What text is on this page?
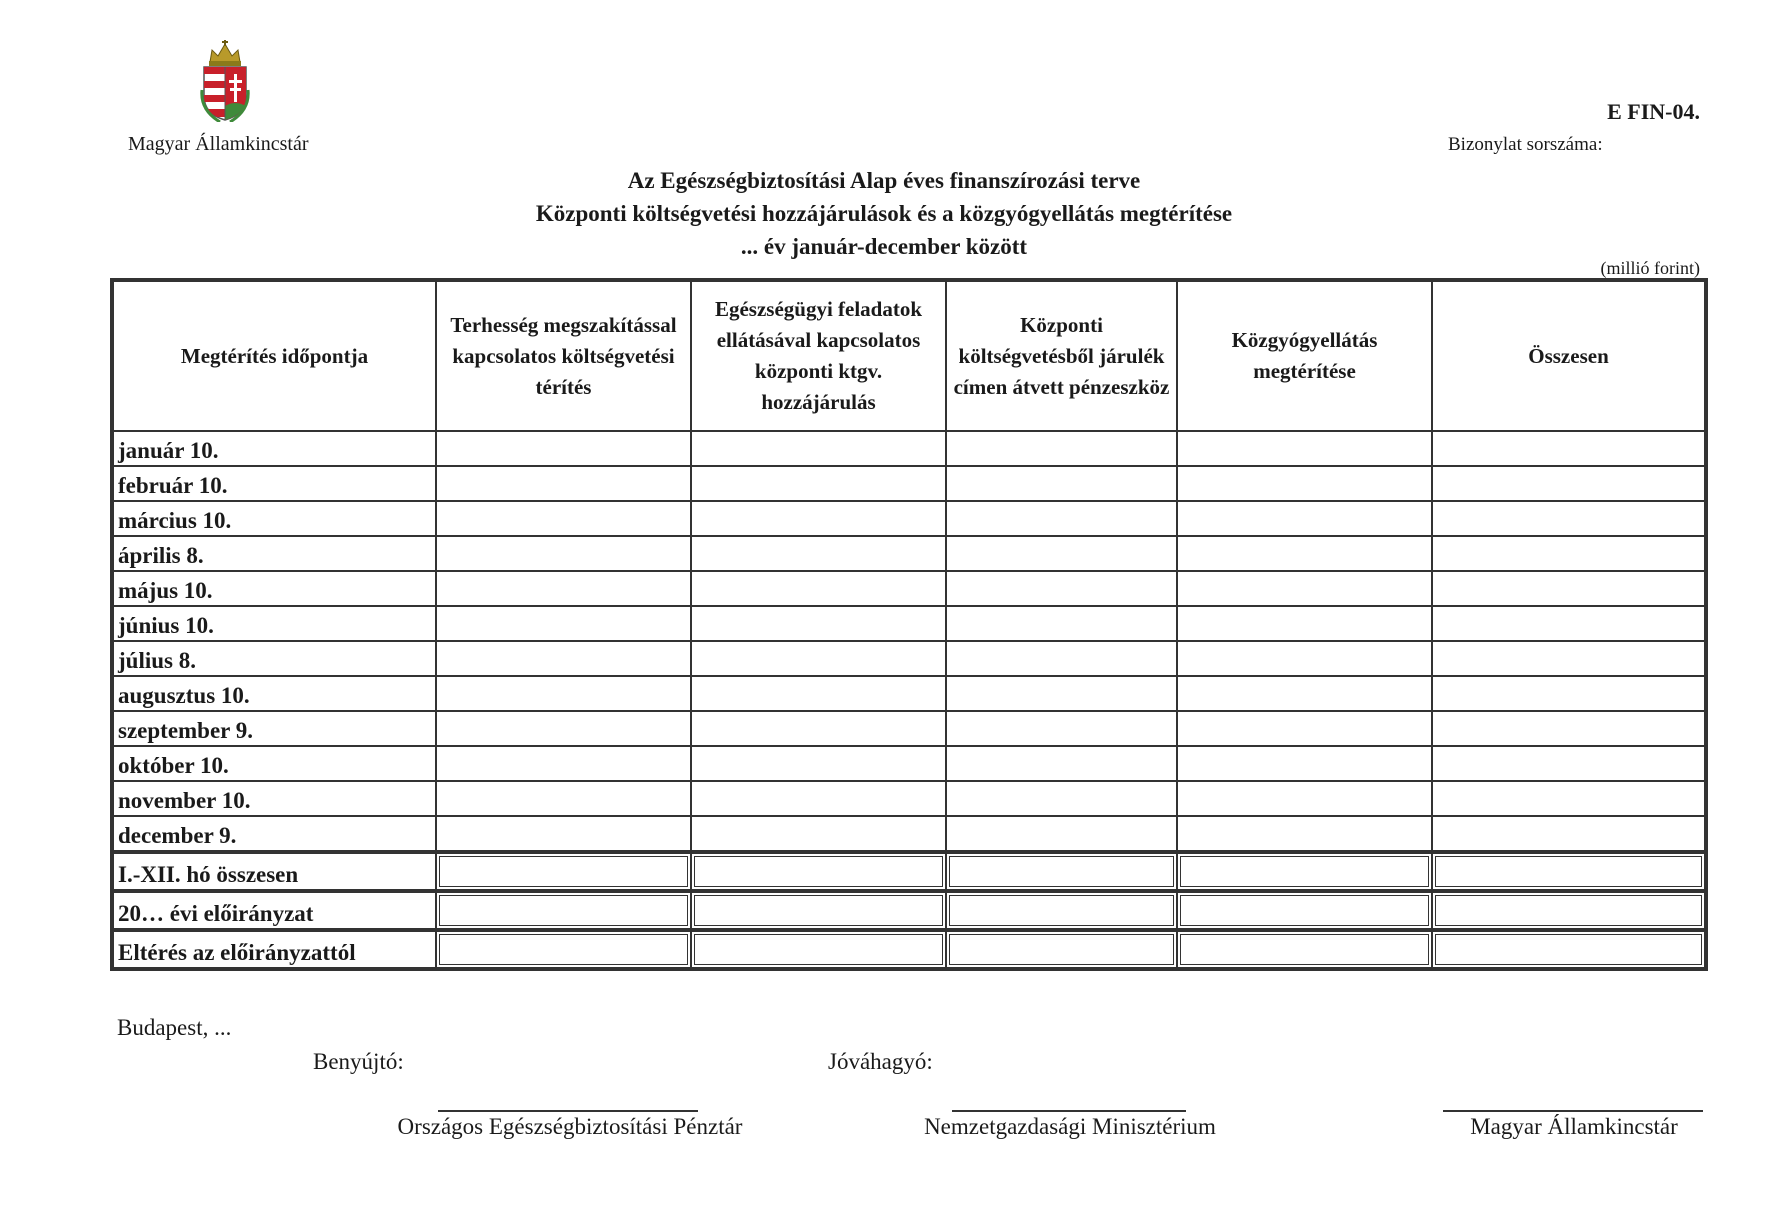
Magyar Államkincstár
E FIN-04.
Bizonylat sorszáma:
Az Egészségbiztosítási Alap éves finanszírozási terve
Központi költségvetési hozzájárulások és a közgyógyellátás megtérítése
... év január-december között
(millió forint)
Megtérítés időpontja	Terhesség megszakítással kapcsolatos költségvetési térítés	Egészségügyi feladatok ellátásával kapcsolatos központi ktgv. hozzájárulás	Központi költségvetésből járulék címen átvett pénzeszköz	Közgyógyellátás megtérítése	Összesen
január 10.					
február 10.					
március 10.					
április 8.					
május 10.					
június 10.					
július 8.					
augusztus 10.					
szeptember 9.					
október 10.					
november 10.					
december 9.					
I.-XII. hó összesen					
20… évi előirányzat					
Eltérés az előirányzattól					
Budapest, ...
Benyújtó:	Jóváhagyó:
Országos Egészségbiztosítási Pénztár	Nemzetgazdasági Minisztérium	Magyar Államkincstár
